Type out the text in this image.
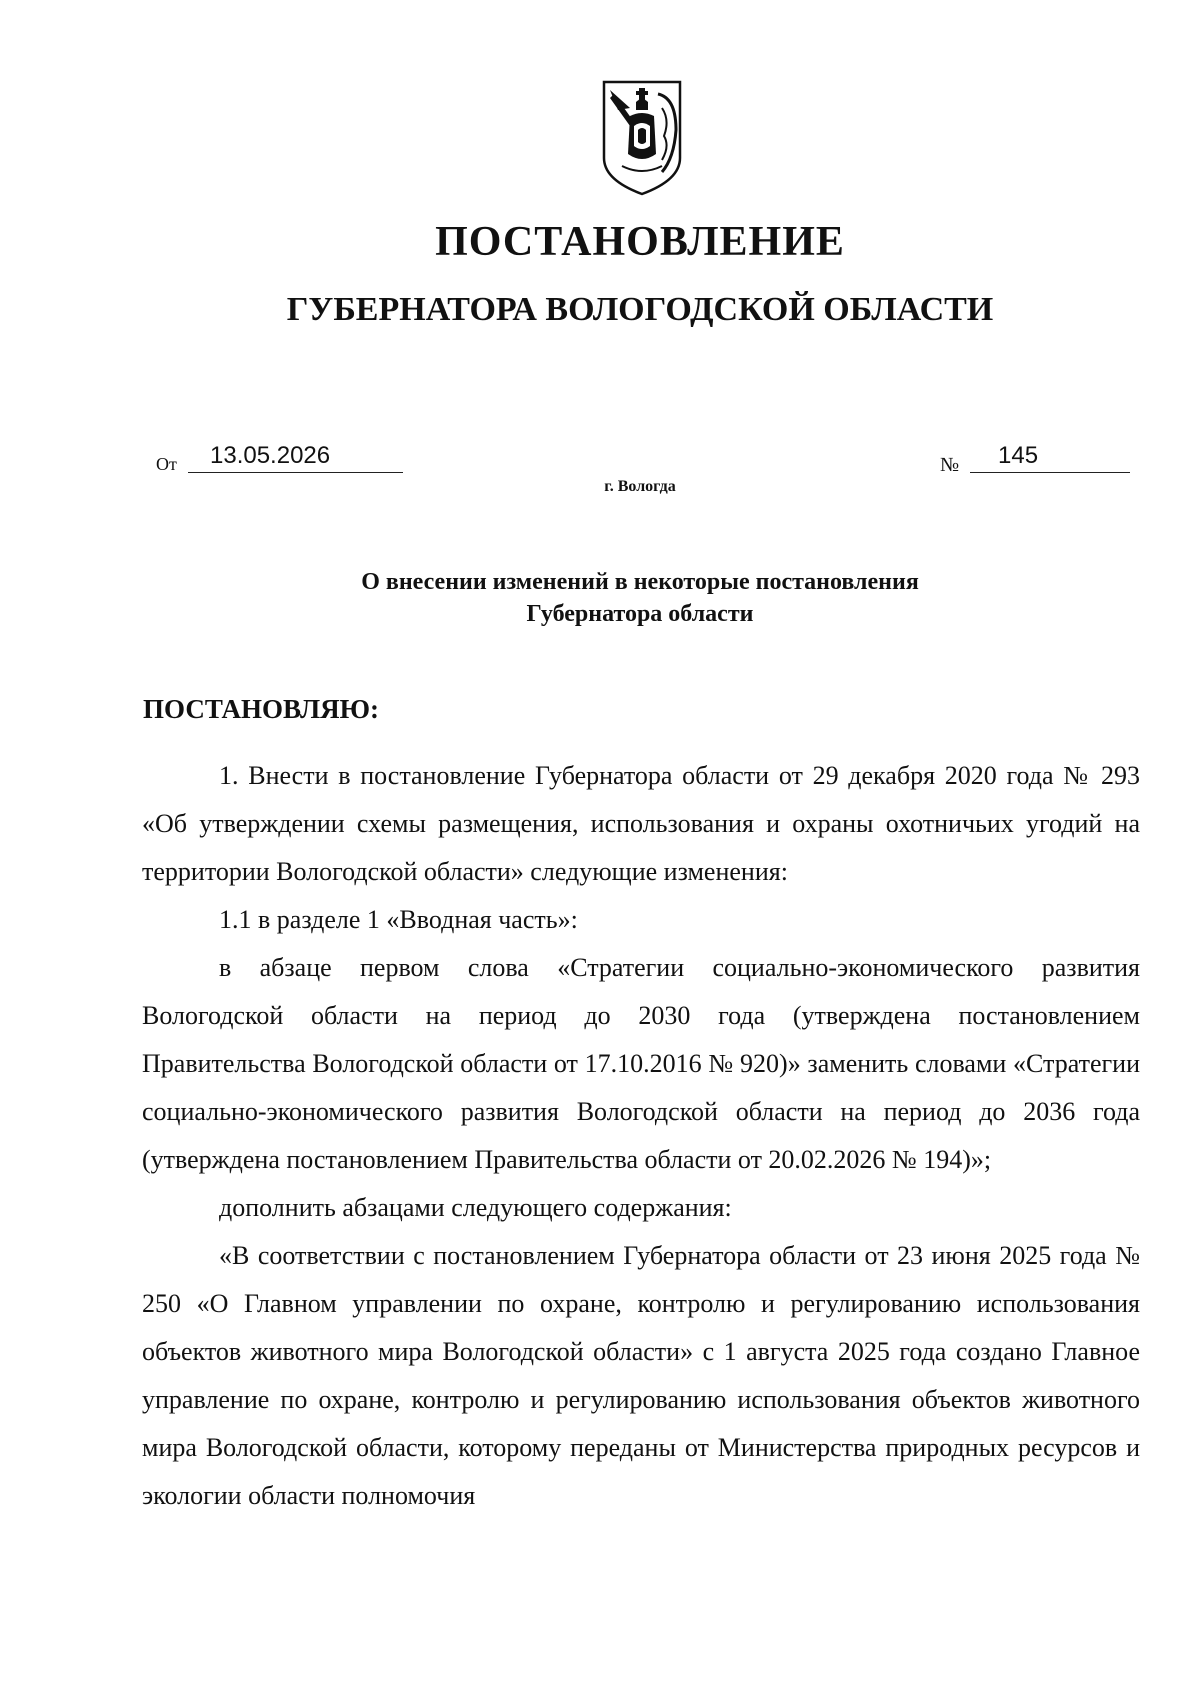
ПОСТАНОВЛЕНИЕ
ГУБЕРНАТОРА ВОЛОГОДСКОЙ ОБЛАСТИ
От 13.05.2026	№ 145
г. Вологда
О внесении изменений в некоторые постановления
Губернатора области
ПОСТАНОВЛЯЮ:

1. Внести в постановление Губернатора области от 29 декабря 2020 года № 293 «Об утверждении схемы размещения, использования и охраны охотничьих угодий на территории Вологодской области» следующие изменения:

1.1 в разделе 1 «Вводная часть»:

в абзаце первом слова «Стратегии социально-экономического развития Вологодской области на период до 2030 года (утверждена постановлением Правительства Вологодской области от 17.10.2016 № 920)» заменить словами «Стратегии социально-экономического развития Вологодской области на период до 2036 года (утверждена постановлением Правительства области от 20.02.2026 № 194)»;

дополнить абзацами следующего содержания:

«В соответствии с постановлением Губернатора области от 23 июня 2025 года № 250 «О Главном управлении по охране, контролю и регулированию использования объектов животного мира Вологодской области» с 1 августа 2025 года создано Главное управление по охране, контролю и регулированию использования объектов животного мира Вологодской области, которому переданы от Министерства природных ресурсов и экологии области полномочия
